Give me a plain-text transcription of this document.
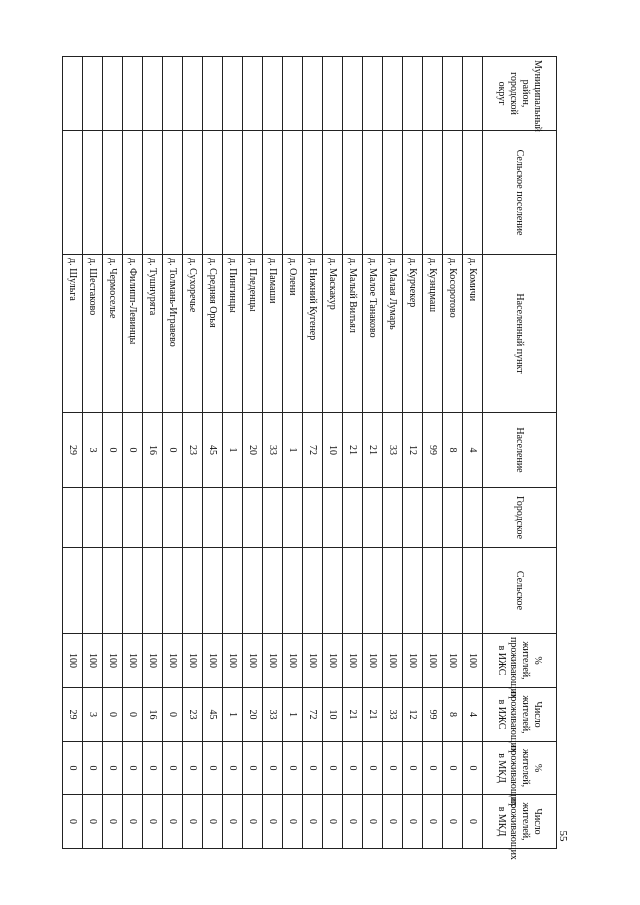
55
Муниципальный район, городской округ	Сельское поселение	Населенный пункт	Население	Городское	Сельское	% жителей, проживающих в ИЖС	Число жителей, проживающих в ИЖС	% жителей, проживающих в МКД	Число жителей, проживающих в МКД
		д. Комичи	4			100	4	0	0
		д. Косоротово	8			100	8	0	0
		д. Кузнцмаш	99			100	99	0	0
		д. Курчекер	12			100	12	0	0
		д. Малая Лумарь	33			100	33	0	0
		д. Малое Танаково	21			100	21	0	0
		д. Малый Вилъял	21			100	21	0	0
		д. Маскакур	10			100	10	0	0
		д. Нижний Кугенер	72			100	72	0	0
		д. Олени	1			100	1	0	0
		д. Памаши	33			100	33	0	0
		д. Пледенцы	20			100	20	0	0
		д. Пингинцы	1			100	1	0	0
		д. Средняя Орья	45			100	45	0	0
		д. Сухоречье	23			100	23	0	0
		д. Толмань-Игравево	0			100	0	0	0
		д. Тушнурята	16			100	16	0	0
		д. Филипп-Левинцы	0			100	0	0	0
		д. Чермоселье	0			100	0	0	0
		д. Шестаково	3			100	3	0	0
		д. Шульга	29			100	29	0	0
